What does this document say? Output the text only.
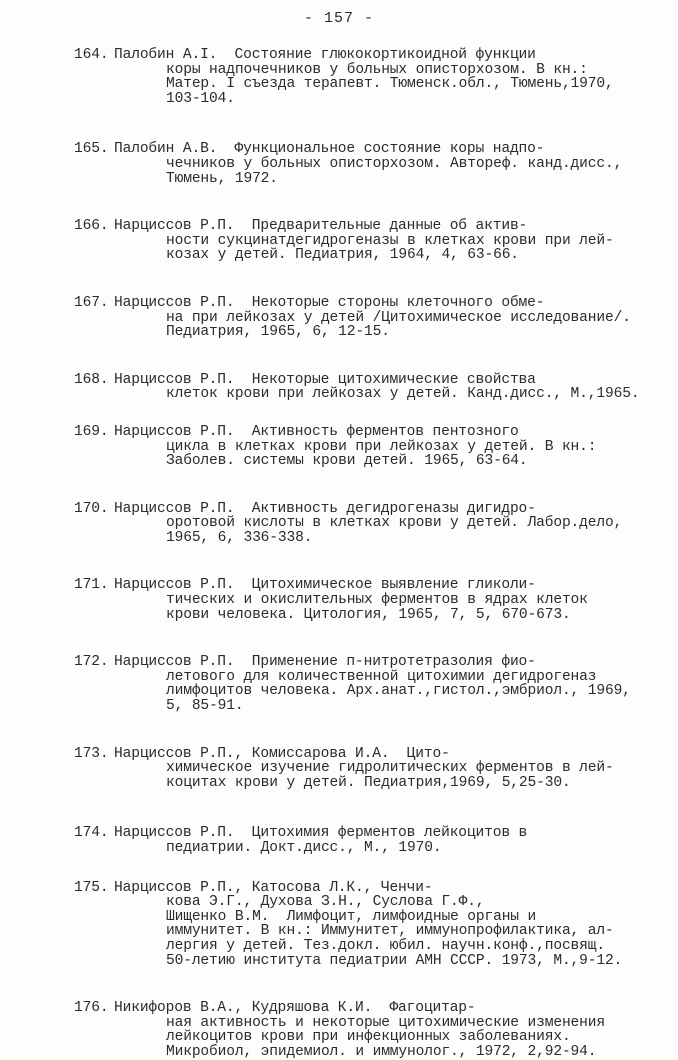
- 157 -
164. Палобин А.І.  Состояние глюкокортикоидной функции
коры надпочечников у больных описторхозом. В кн.:
Матер. I съезда терапевт. Тюменск.обл., Тюмень,1970,
103-104.
165. Палобин А.В.  Функциональное состояние коры надпо-
чечников у больных описторхозом. Автореф. канд.дисс.,
Тюмень, 1972.
166. Нарциссов Р.П.  Предварительные данные об актив-
ности сукцинатдегидрогеназы в клетках крови при лей-
козах у детей. Педиатрия, 1964, 4, 63-66.
167. Нарциссов Р.П.  Некоторые стороны клеточного обме-
на при лейкозах у детей /Цитохимическое исследование/.
Педиатрия, 1965, 6, 12-15.
168. Нарциссов Р.П.  Некоторые цитохимические свойства
клеток крови при лейкозах у детей. Канд.дисс., М.,1965.
169. Нарциссов Р.П.  Активность ферментов пентозного
цикла в клетках крови при лейкозах у детей. В кн.:
Заболев. системы крови детей. 1965, 63-64.
170. Нарциссов Р.П.  Активность дегидрогеназы дигидро-
оротовой кислоты в клетках крови у детей. Лабор.дело,
1965, 6, 336-338.
171. Нарциссов Р.П.  Цитохимическое выявление гликоли-
тических и окислительных ферментов в ядрах клеток
крови человека. Цитология, 1965, 7, 5, 670-673.
172. Нарциссов Р.П.  Применение п-нитротетразолия фио-
летового для количественной цитохимии дегидрогеназ
лимфоцитов человека. Арх.анат.,гистол.,эмбриол., 1969,
5, 85-91.
173. Нарциссов Р.П., Комиссарова И.А.  Цито-
химическое изучение гидролитических ферментов в лей-
коцитах крови у детей. Педиатрия,1969, 5,25-30.
174. Нарциссов Р.П.  Цитохимия ферментов лейкоцитов в
педиатрии. Докт.дисс., М., 1970.
175. Нарциссов Р.П., Катосова Л.К., Ченчи-
кова Э.Г., Духова З.Н., Суслова Г.Ф.,
Шищенко В.М.  Лимфоцит, лимфоидные органы и
иммунитет. В кн.: Иммунитет, иммунопрофилактика, ал-
лергия у детей. Тез.докл. юбил. научн.конф.,посвящ.
50-летию института педиатрии АМН СССР. 1973, М.,9-12.
176. Никифоров В.А., Кудряшова К.И.  Фагоцитар-
ная активность и некоторые цитохимические изменения
лейкоцитов крови при инфекционных заболеваниях.
Микробиол, эпидемиол. и иммунолог., 1972, 2,92-94.
